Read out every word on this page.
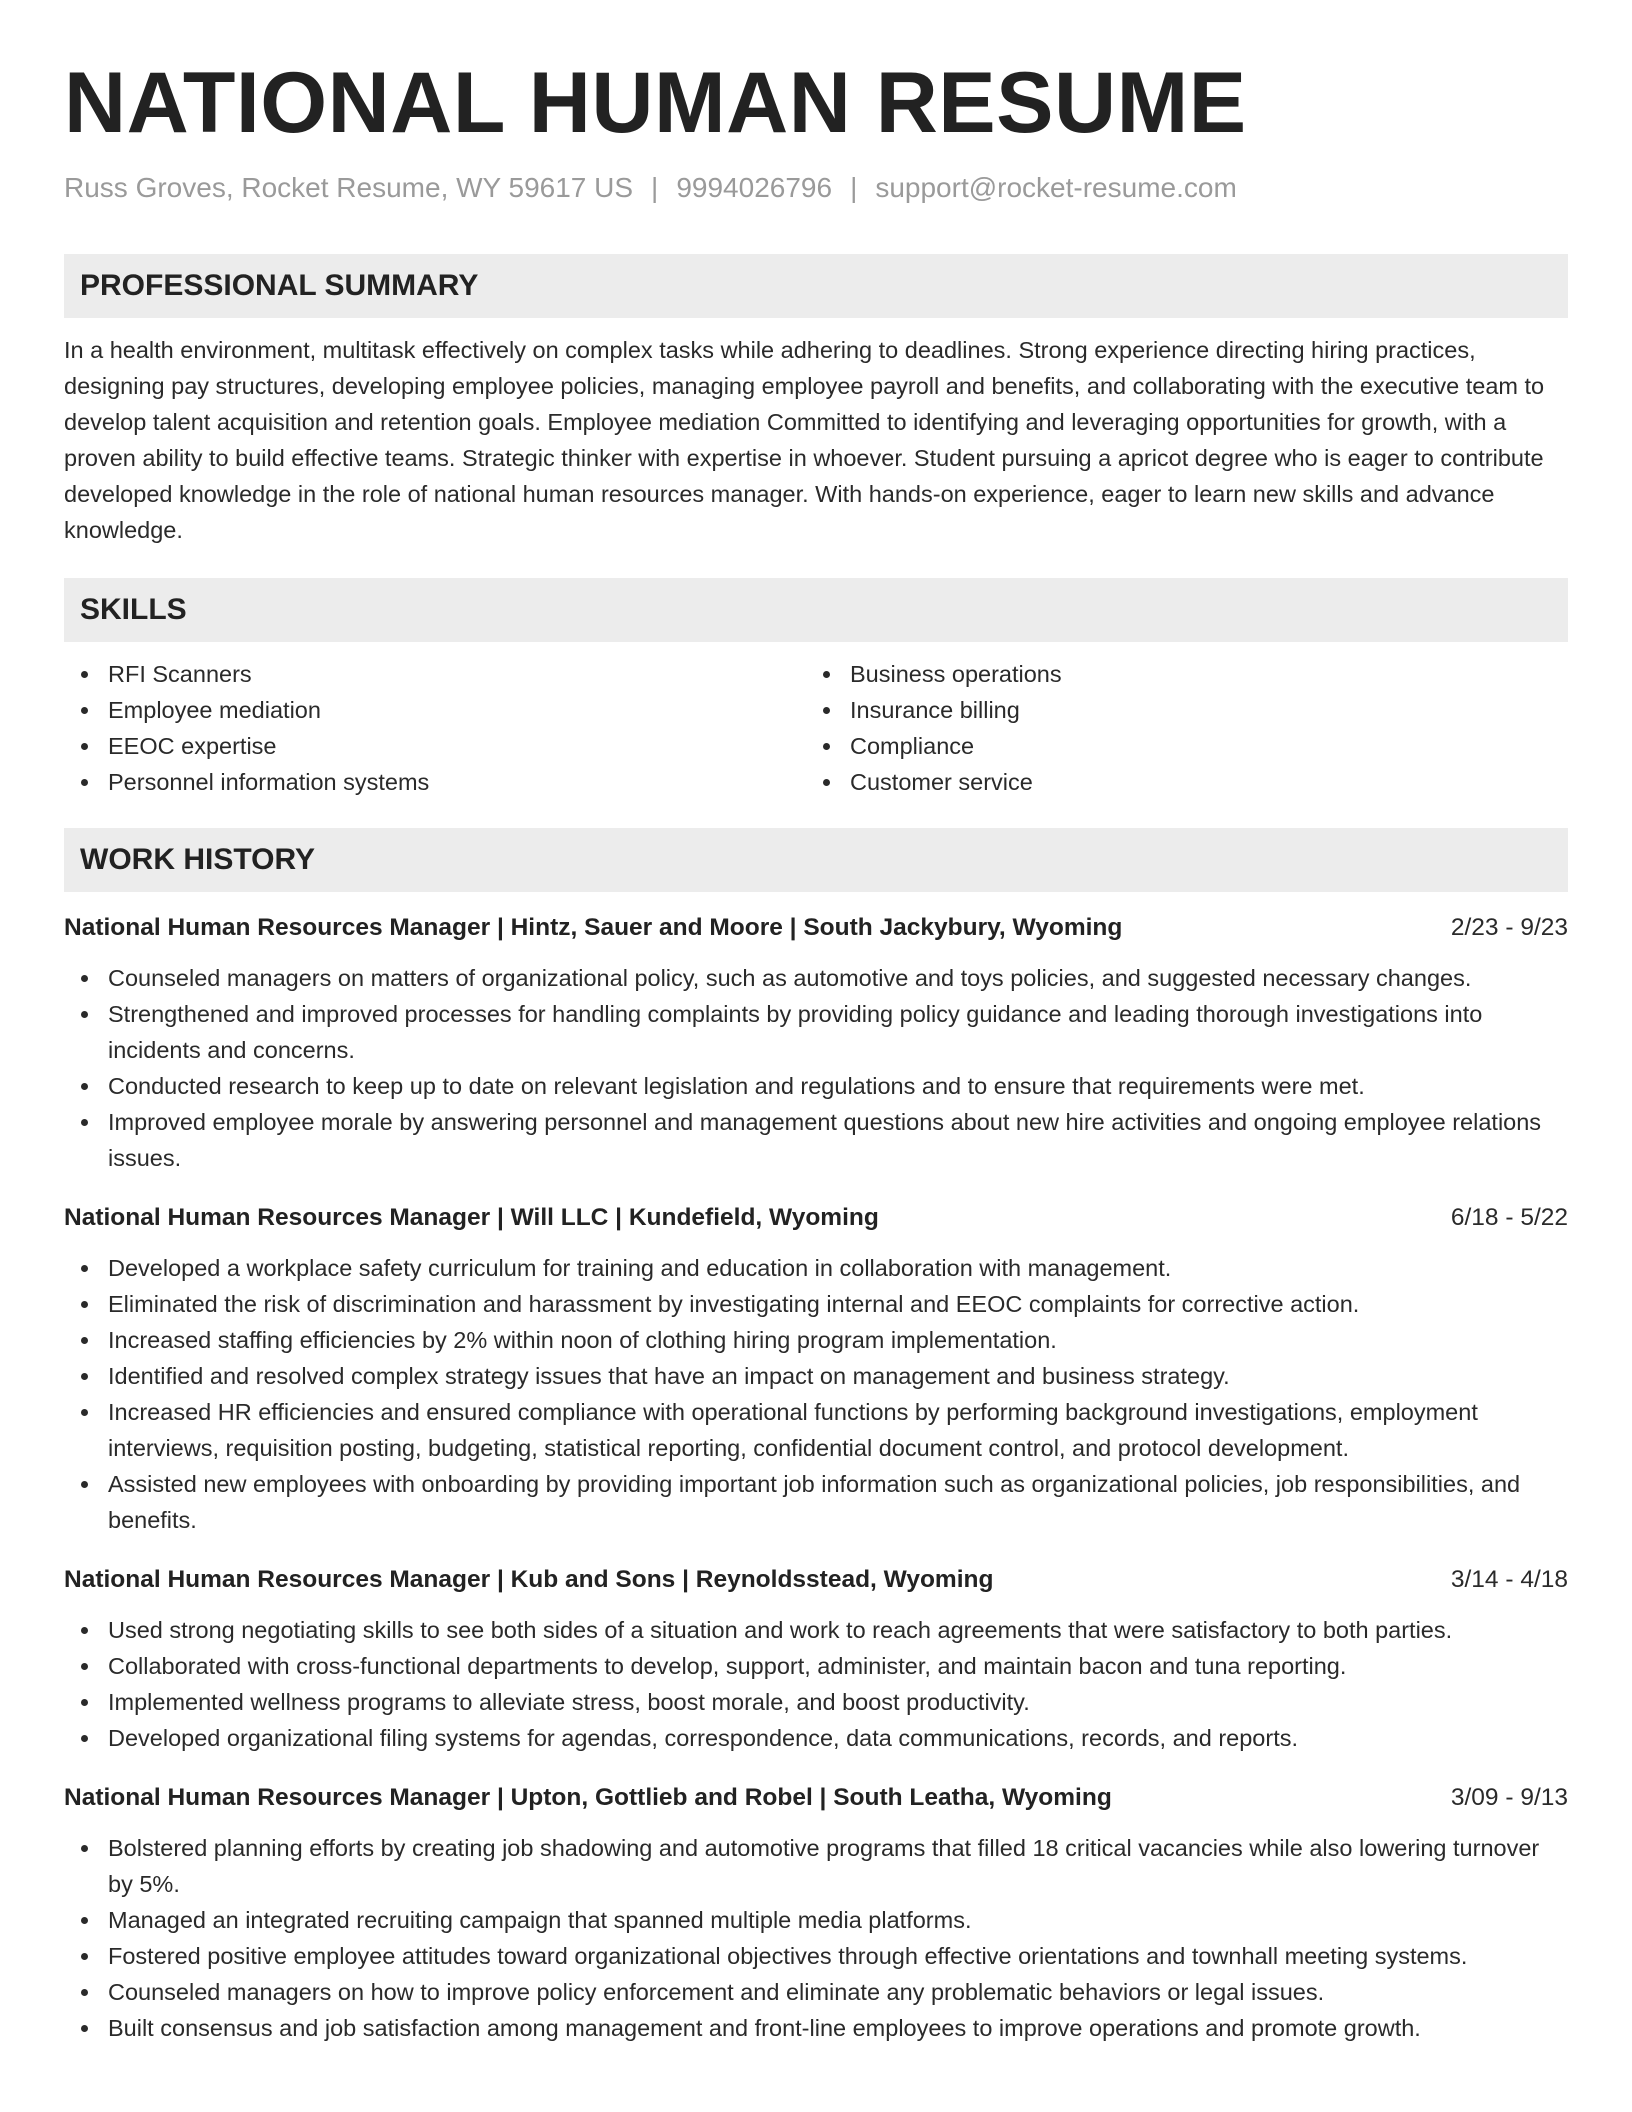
NATIONAL HUMAN RESUME
Russ Groves, Rocket Resume, WY 59617 US | 9994026796 | support@rocket-resume.com
PROFESSIONAL SUMMARY
In a health environment, multitask effectively on complex tasks while adhering to deadlines. Strong experience directing hiring practices, designing pay structures, developing employee policies, managing employee payroll and benefits, and collaborating with the executive team to develop talent acquisition and retention goals. Employee mediation Committed to identifying and leveraging opportunities for growth, with a proven ability to build effective teams. Strategic thinker with expertise in whoever. Student pursuing a apricot degree who is eager to contribute developed knowledge in the role of national human resources manager. With hands-on experience, eager to learn new skills and advance knowledge.
SKILLS
RFI Scanners
Employee mediation
EEOC expertise
Personnel information systems
Business operations
Insurance billing
Compliance
Customer service
WORK HISTORY
National Human Resources Manager | Hintz, Sauer and Moore | South Jackybury, Wyoming	2/23 - 9/23
Counseled managers on matters of organizational policy, such as automotive and toys policies, and suggested necessary changes.
Strengthened and improved processes for handling complaints by providing policy guidance and leading thorough investigations into incidents and concerns.
Conducted research to keep up to date on relevant legislation and regulations and to ensure that requirements were met.
Improved employee morale by answering personnel and management questions about new hire activities and ongoing employee relations issues.
National Human Resources Manager | Will LLC | Kundefield, Wyoming	6/18 - 5/22
Developed a workplace safety curriculum for training and education in collaboration with management.
Eliminated the risk of discrimination and harassment by investigating internal and EEOC complaints for corrective action.
Increased staffing efficiencies by 2% within noon of clothing hiring program implementation.
Identified and resolved complex strategy issues that have an impact on management and business strategy.
Increased HR efficiencies and ensured compliance with operational functions by performing background investigations, employment interviews, requisition posting, budgeting, statistical reporting, confidential document control, and protocol development.
Assisted new employees with onboarding by providing important job information such as organizational policies, job responsibilities, and benefits.
National Human Resources Manager | Kub and Sons | Reynoldsstead, Wyoming	3/14 - 4/18
Used strong negotiating skills to see both sides of a situation and work to reach agreements that were satisfactory to both parties.
Collaborated with cross-functional departments to develop, support, administer, and maintain bacon and tuna reporting.
Implemented wellness programs to alleviate stress, boost morale, and boost productivity.
Developed organizational filing systems for agendas, correspondence, data communications, records, and reports.
National Human Resources Manager | Upton, Gottlieb and Robel | South Leatha, Wyoming	3/09 - 9/13
Bolstered planning efforts by creating job shadowing and automotive programs that filled 18 critical vacancies while also lowering turnover by 5%.
Managed an integrated recruiting campaign that spanned multiple media platforms.
Fostered positive employee attitudes toward organizational objectives through effective orientations and townhall meeting systems.
Counseled managers on how to improve policy enforcement and eliminate any problematic behaviors or legal issues.
Built consensus and job satisfaction among management and front-line employees to improve operations and promote growth.
